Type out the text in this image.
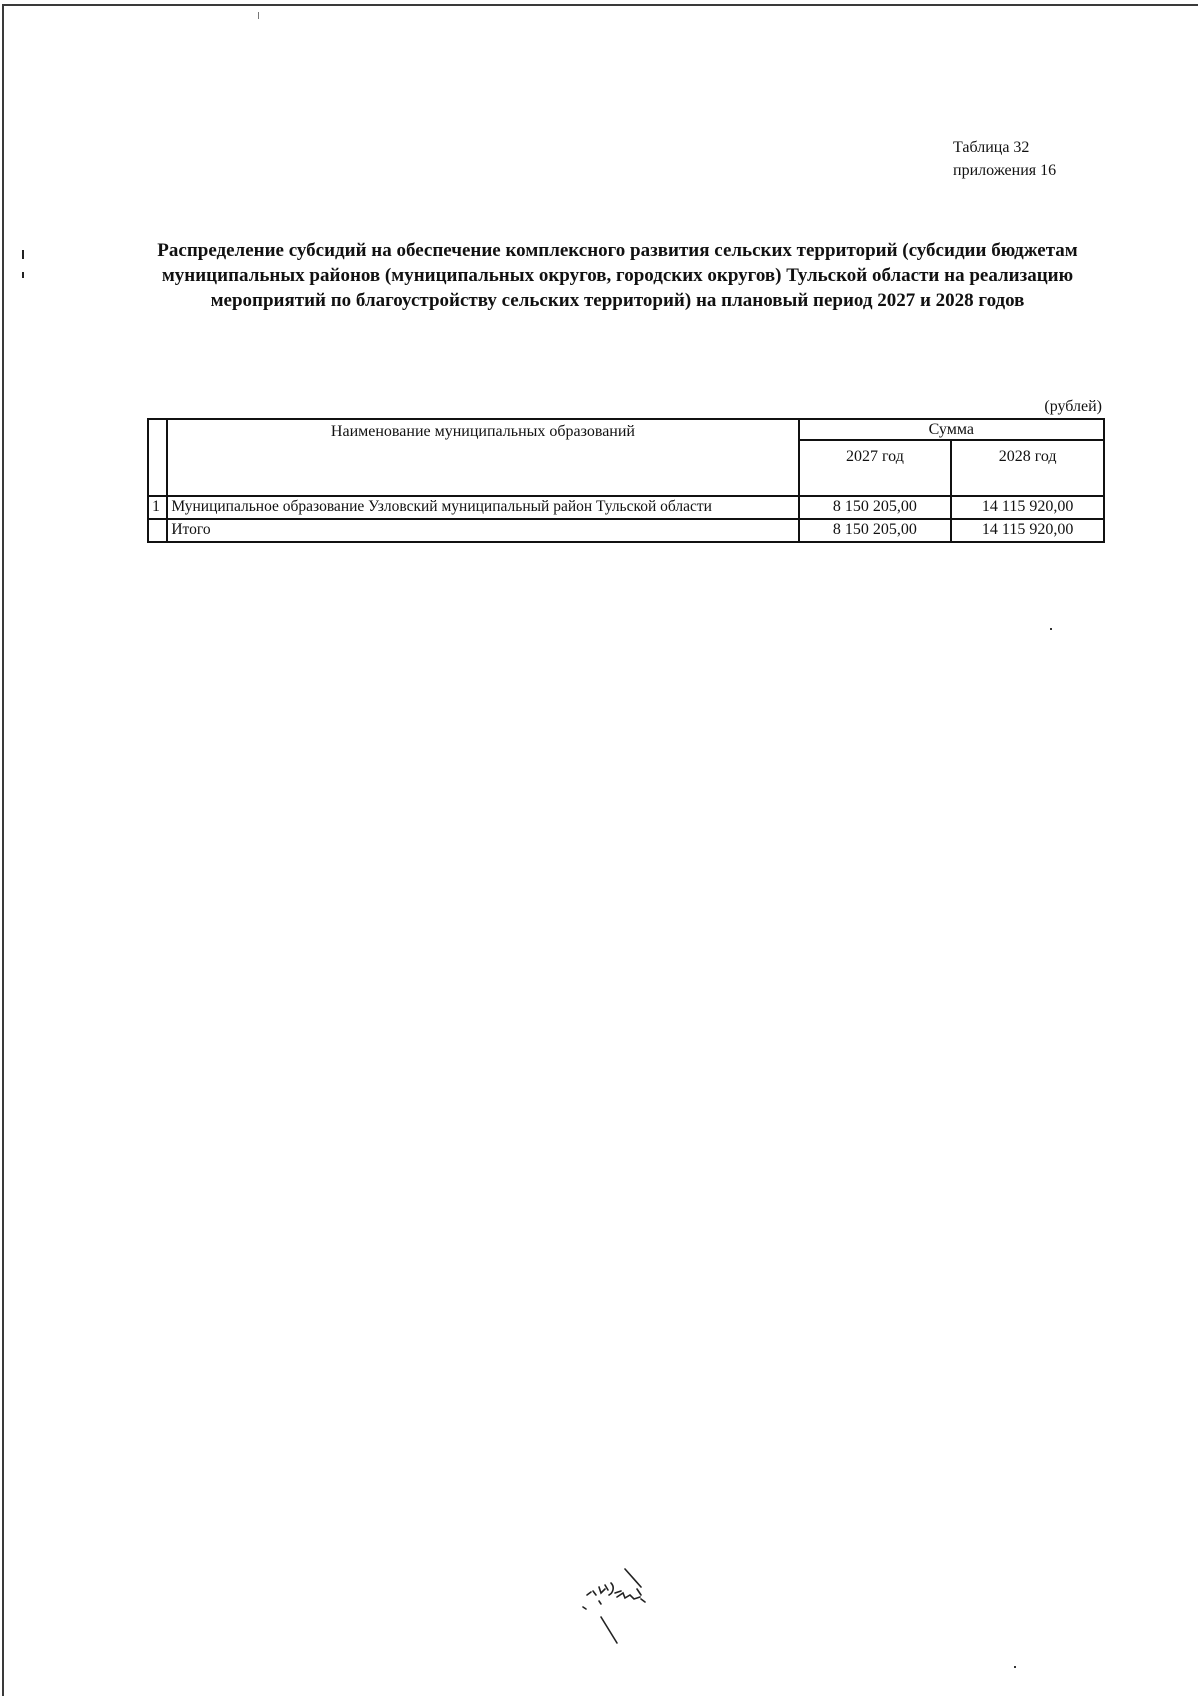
Таблица 32
приложения 16
Распределение субсидий на обеспечение комплексного развития сельских территорий (субсидии бюджетам муниципальных районов (муниципальных округов, городских округов) Тульской области на реализацию мероприятий по благоустройству сельских территорий) на плановый период 2027 и 2028 годов
(рублей)
	Наименование муниципальных образований	Сумма	
		2027 год	2028 год
1	Муниципальное образование Узловский муниципальный район Тульской области	8 150 205,00	14 115 920,00
	Итого	8 150 205,00	14 115 920,00
